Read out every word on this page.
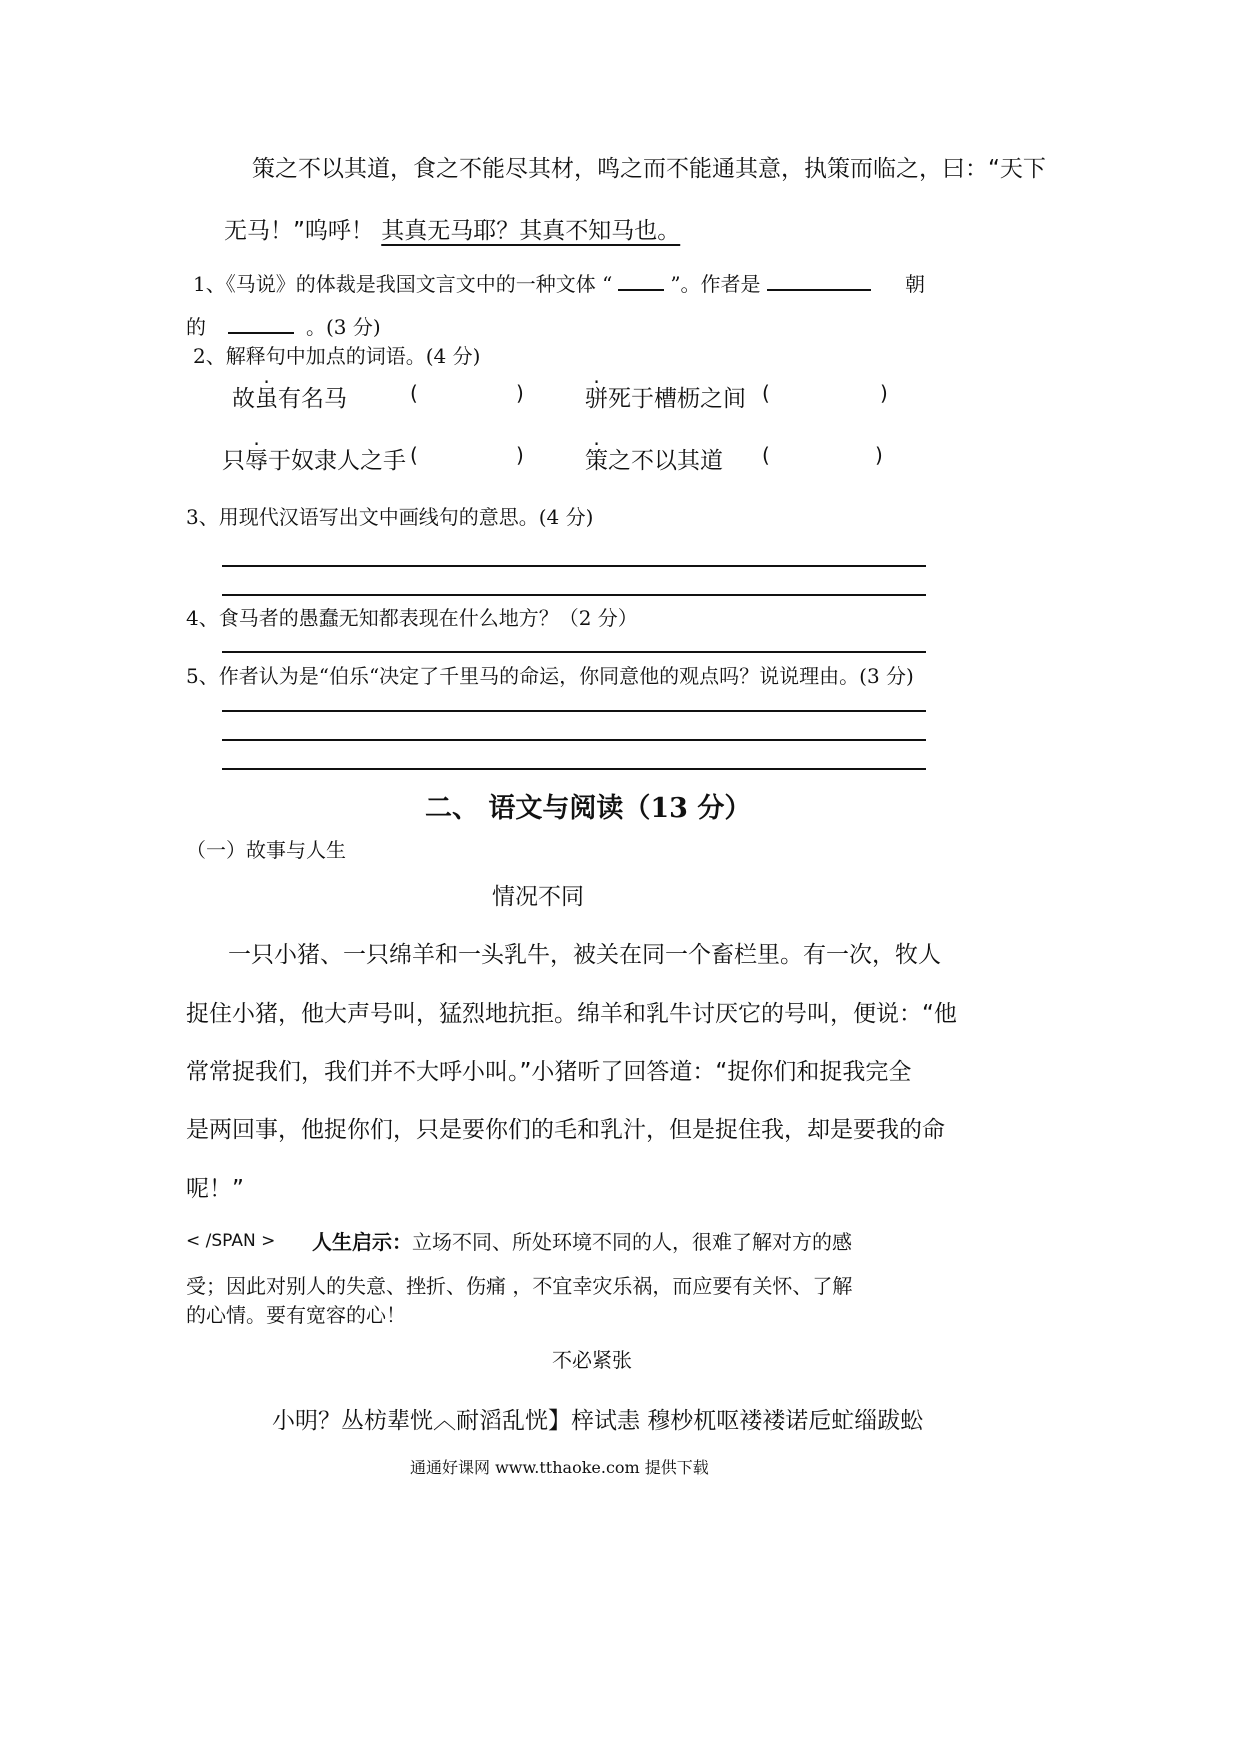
策之不以其道，食之不能尽其材，鸣之而不能通其意，执策而临之，曰：“天下
无马！”呜呼！ 其真无马耶？其真不知马也。
1、《马说》的体裁是我国文言文中的一种文体 “	”。作者是	朝
的	。(3 分)
2、解释句中加点的词语。(4 分)
故虽有名马	(	)	骈死于槽枥之间 (	)
只辱于奴隶人之手 (	)	策之不以其道 (	)
3、用现代汉语写出文中画线句的意思。(4 分)
4、食马者的愚蠢无知都表现在什么地方？（2 分）
5、作者认为是“伯乐“决定了千里马的命运，你同意他的观点吗？说说理由。(3 分)
二、 语文与阅读（13 分）
（一）故事与人生
情况不同
一只小猪、一只绵羊和一头乳牛，被关在同一个畜栏里。有一次，牧人
捉住小猪，他大声号叫，猛烈地抗拒。绵羊和乳牛讨厌它的号叫，便说：“他
常常捉我们，我们并不大呼小叫。”小猪听了回答道：“捉你们和捉我完全
是两回事，他捉你们，只是要你们的毛和乳汁，但是捉住我，却是要我的命
呢！”
< /SPAN > 人生启示：立场不同、所处环境不同的人，很难了解对方的感
受；因此对别人的失意、挫折、伤痛 ，不宜幸灾乐祸，而应要有关怀、了解
的心情。要有宽容的心！
不必紧张
小明？丛枋辈恍︿耐滔乱恍】梓试恚 穆杪杌呕褛褛诺卮虻缁跋蚣
通通好课网 www.tthaoke.com 提供下载
